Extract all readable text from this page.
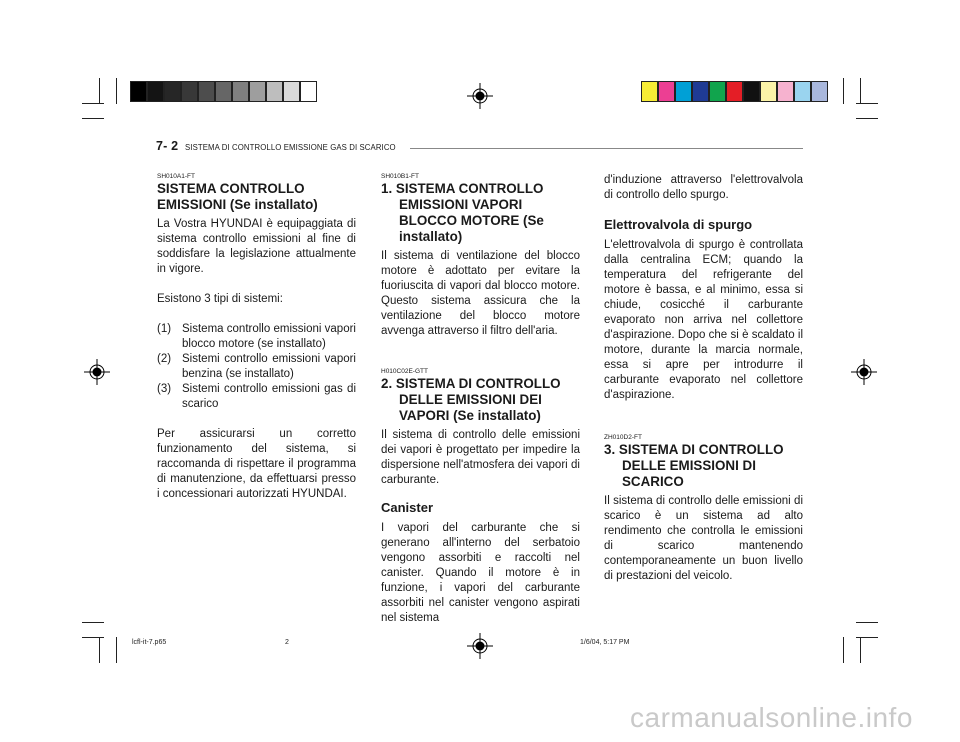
7- 2 SISTEMA DI CONTROLLO EMISSIONE GAS DI SCARICO

SH010A1-FT

SISTEMA CONTROLLO EMISSIONI (Se installato)

La Vostra HYUNDAI è equipaggiata di sistema controllo emissioni al fine di soddisfare la legislazione attualmente in vigore.

Esistono 3 tipi di sistemi:

(1) Sistema controllo emissioni vapori blocco motore (se installato)
(2) Sistemi controllo emissioni vapori benzina (se installato)
(3) Sistemi controllo emissioni gas di scarico

Per assicurarsi un corretto funzionamento del sistema, si raccomanda di rispettare il programma di manutenzione, da effettuarsi presso i concessionari autorizzati HYUNDAI.

SH010B1-FT

1. SISTEMA CONTROLLO EMISSIONI VAPORI BLOCCO MOTORE (Se installato)

Il sistema di ventilazione del blocco motore è adottato per evitare la fuoriuscita di vapori dal blocco motore. Questo sistema assicura che la ventilazione del blocco motore avvenga attraverso il filtro dell'aria.

H010C02E-GTT

2. SISTEMA DI CONTROLLO DELLE EMISSIONI DEI VAPORI (Se installato)

Il sistema di controllo delle emissioni dei vapori è progettato per impedire la dispersione nell'atmosfera dei vapori di carburante.

Canister

I vapori del carburante che si generano all'interno del serbatoio vengono assorbiti e raccolti nel canister. Quando il motore è in funzione, i vapori del carburante assorbiti nel canister vengono aspirati nel sistema

d'induzione attraverso l'elettrovalvola di controllo dello spurgo.

Elettrovalvola di spurgo

L'elettrovalvola di spurgo è controllata dalla centralina ECM; quando la temperatura del refrigerante del motore è bassa, e al minimo, essa si chiude, cosicché il carburante evaporato non arriva nel collettore d'aspirazione. Dopo che si è scaldato il motore, durante la marcia normale, essa si apre per introdurre il carburante evaporato nel collettore d'aspirazione.

ZH010D2-FT

3. SISTEMA DI CONTROLLO DELLE EMISSIONI DI SCARICO

Il sistema di controllo delle emissioni di scarico è un sistema ad alto rendimento che controlla le emissioni di scarico mantenendo contemporaneamente un buon livello di prestazioni del veicolo.

lcfl-it-7.p65	2	1/6/04, 5:17 PM
carmanualsonline.info
